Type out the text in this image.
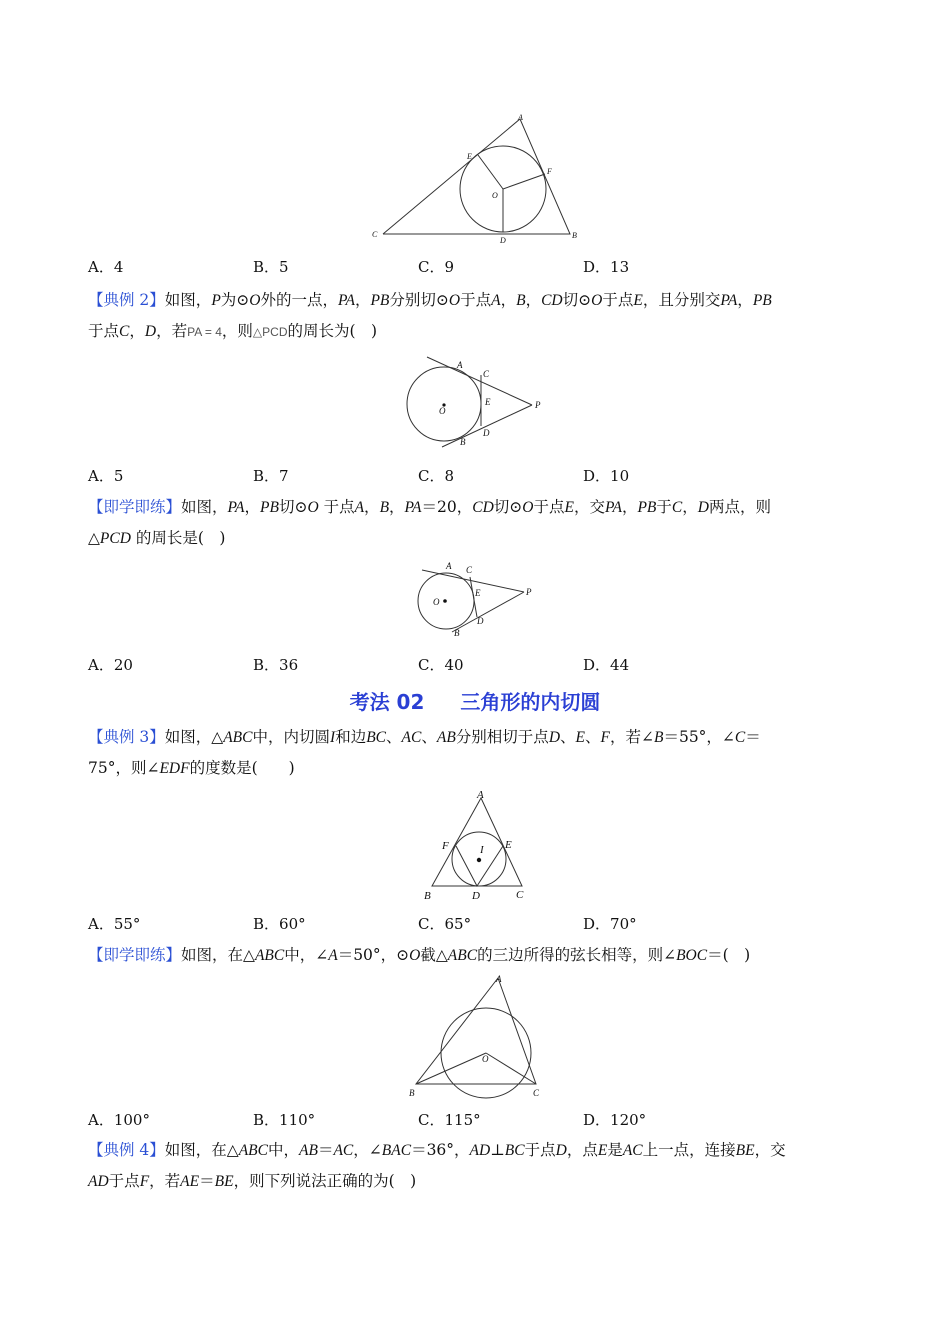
A
E
F
O
C
D
B
A．4	B．5	C．9	D．13
【典例 2】如图，P为⊙O外的一点，PA，PB分别切⊙O于点A，B，CD切⊙O于点E，且分别交PA，PB
于点C，D，若PA = 4，则△PCD的周长为(　)
A
C
O
E	P
B
D
A．5	B．7	C．8	D．10
【即学即练】如图，PA，PB切⊙O 于点A，B，PA＝20，CD切⊙O于点E，交PA，PB于C，D两点，则
△PCD 的周长是(　)
A C
O
E	P
B
D
A．20	B．36	C．40	D．44
考法 02 三角形的内切圆
【典例 3】如图，△ABC中，内切圆I和边BC、AC、AB分别相切于点D、E、F，若∠B＝55°，∠C＝
75°，则∠EDF的度数是(　　)
A
F	I E
B	D	C
A．55°	B．60°	C．65°	D．70°
【即学即练】如图，在△ABC中，∠A＝50°，⊙O截△ABC的三边所得的弦长相等，则∠BOC＝(　)
A
O
B	C
A．100°	B．110°	C．115°	D．120°
【典例 4】如图，在△ABC中，AB＝AC，∠BAC＝36°，AD⊥BC于点D，点E是AC上一点，连接BE，交
AD于点F，若AE＝BE，则下列说法正确的为(　)
